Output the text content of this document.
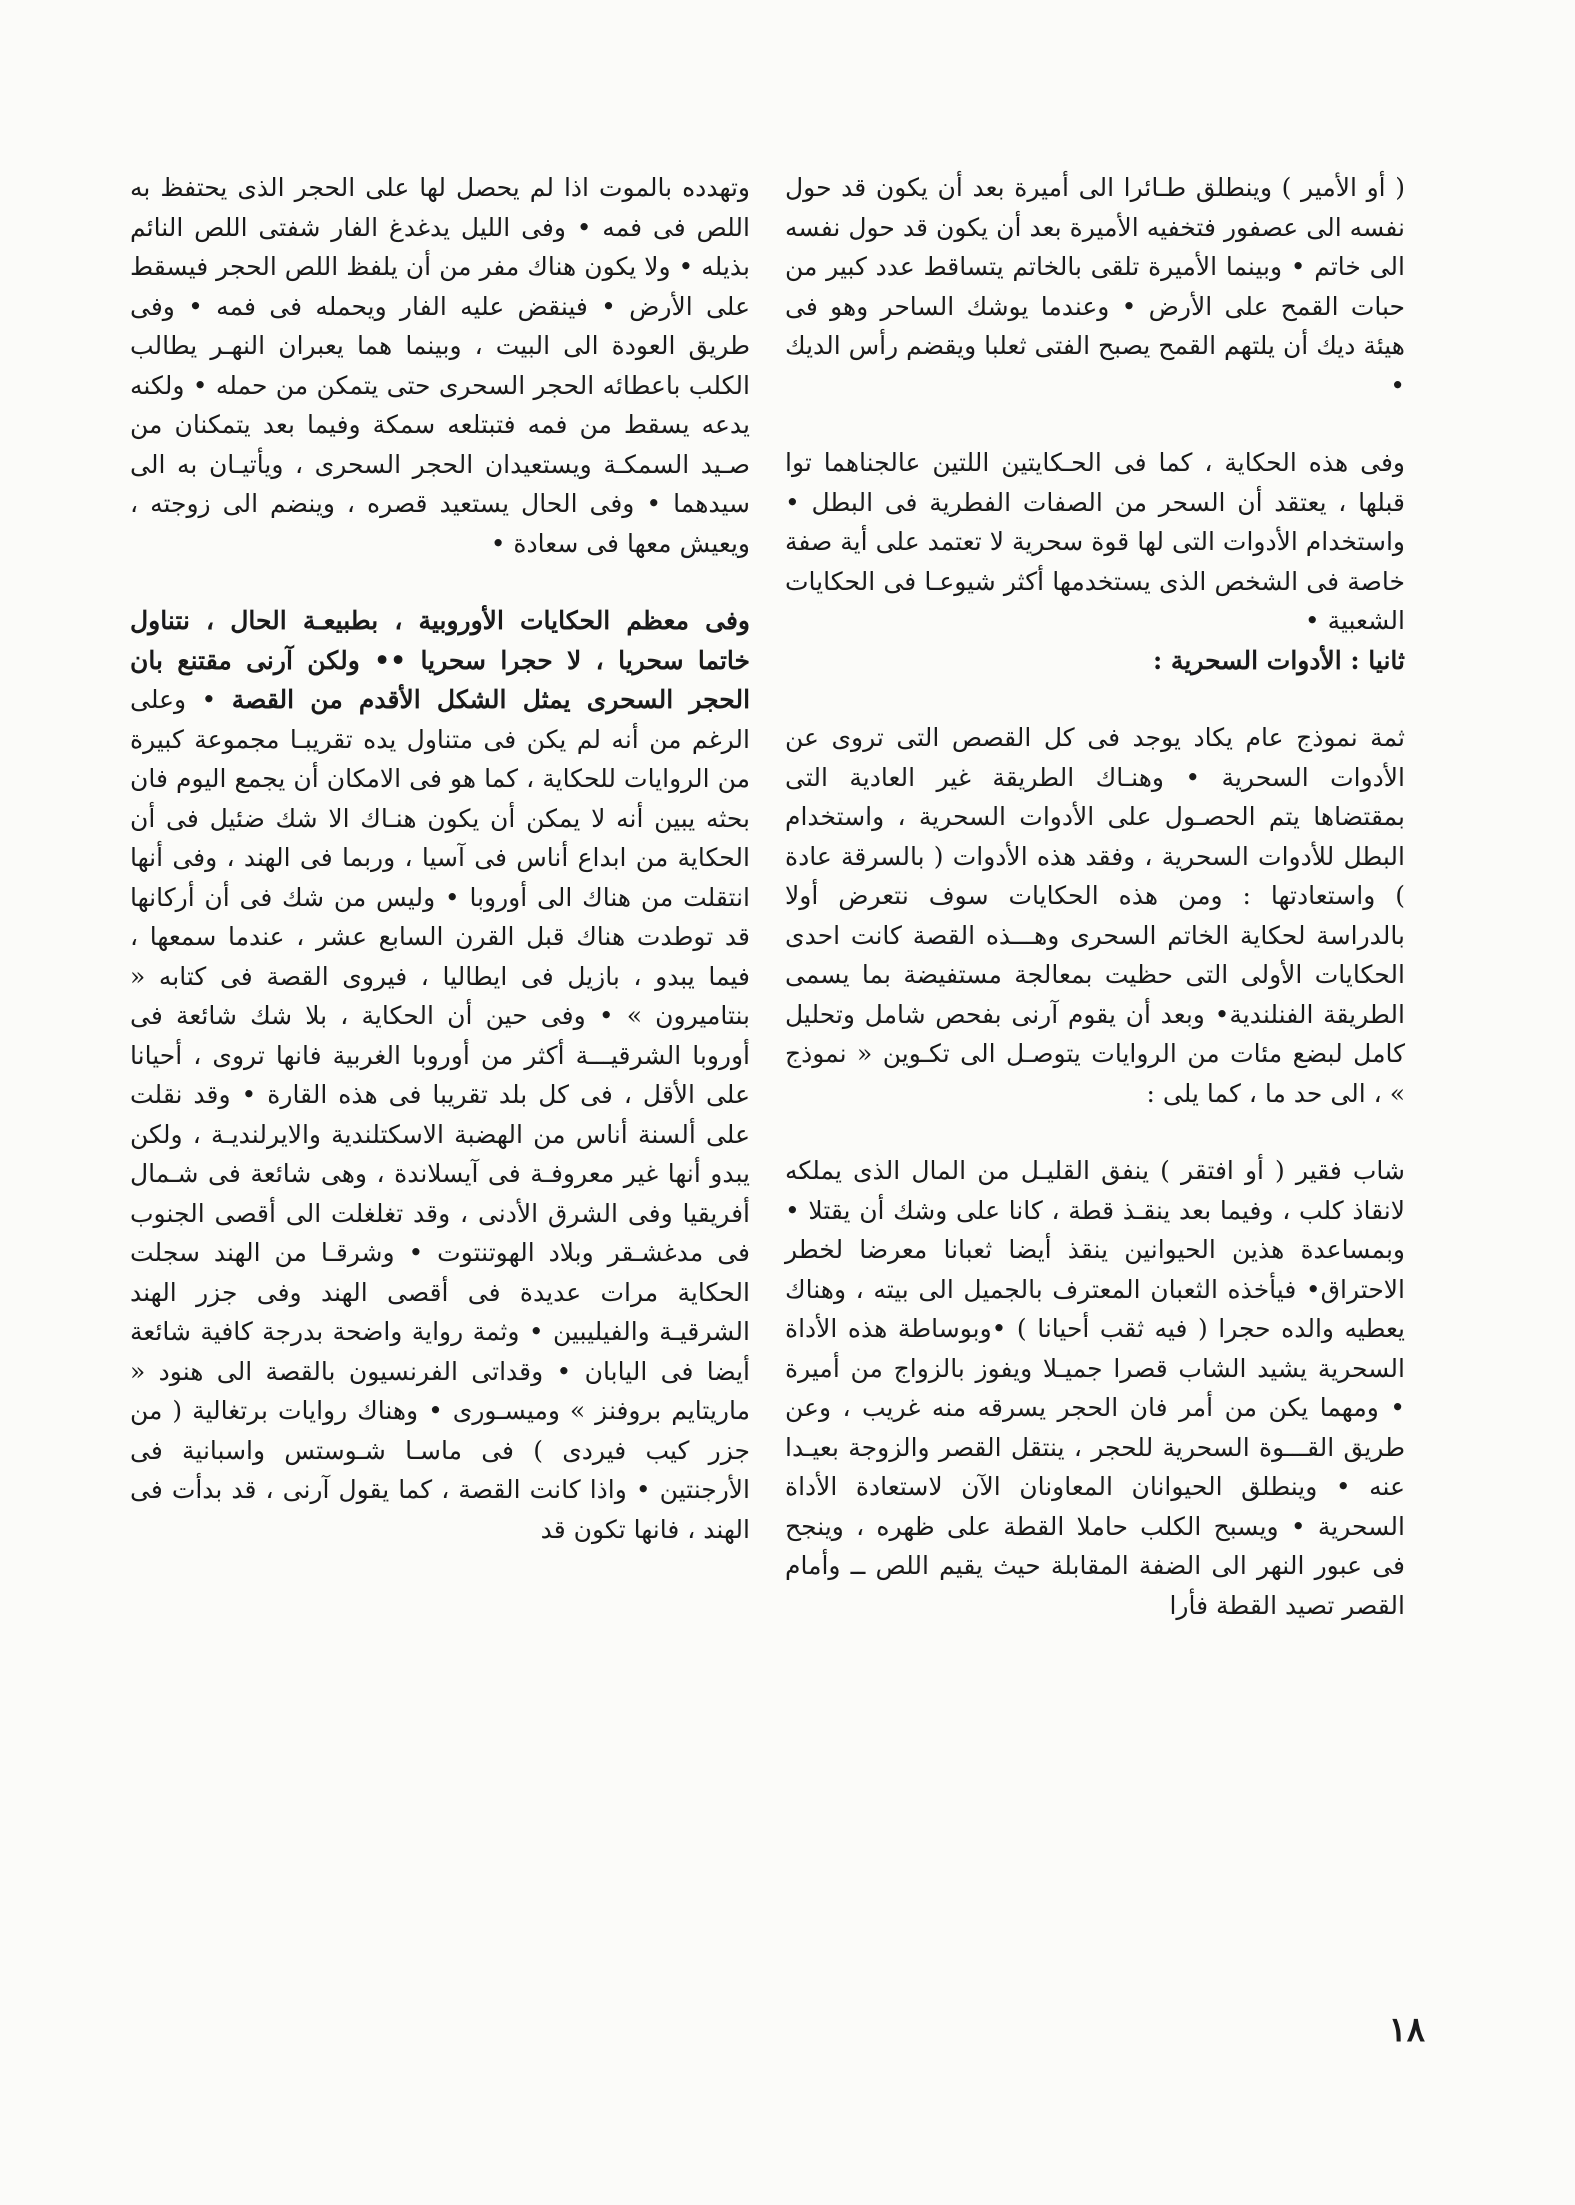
( أو الأمير ) وينطلق طـائرا الى أميرة بعد أن يكون قد حول نفسه الى عصفور فتخفيه الأميرة بعد أن يكون قد حول نفسه الى خاتم • وبينما الأميرة تلقى بالخاتم يتساقط عدد كبير من حبات القمح على الأرض • وعندما يوشك الساحر وهو فى هيئة ديك أن يلتهم القمح يصبح الفتى ثعلبا ويقضم رأس الديك •

وفى هذه الحكاية ، كما فى الحـكايتين اللتين عالجناهما توا قبلها ، يعتقد أن السحر من الصفات الفطرية فى البطل • واستخدام الأدوات التى لها قوة سحرية لا تعتمد على أية صفة خاصة فى الشخص الذى يستخدمها أكثر شيوعـا فى الحكايات الشعبية •

ثانيا : الأدوات السحرية :

ثمة نموذج عام يكاد يوجد فى كل القصص التى تروى عن الأدوات السحرية • وهنـاك الطريقة غير العادية التى بمقتضاها يتم الحصـول على الأدوات السحرية ، واستخدام البطل للأدوات السحرية ، وفقد هذه الأدوات ( بالسرقة عادة ) واستعادتها : ومن هذه الحكايات سوف نتعرض أولا بالدراسة لحكاية الخاتم السحرى وهـــذه القصة كانت احدى الحكايات الأولى التى حظيت بمعالجة مستفيضة بما يسمى الطريقة الفنلندية• وبعد أن يقوم آرنى بفحص شامل وتحليل كامل لبضع مئات من الروايات يتوصـل الى تكـوين « نموذج » ، الى حد ما ، كما يلى :

شاب فقير ( أو افتقر ) ينفق القليـل من المال الذى يملكه لانقاذ كلب ، وفيما بعد ينقـذ قطة ، كانا على وشك أن يقتلا • وبمساعدة هذين الحيوانين ينقذ أيضا ثعبانا معرضا لخطر الاحتراق• فيأخذه الثعبان المعترف بالجميل الى بيته ، وهناك يعطيه والده حجرا ( فيه ثقب أحيانا ) •وبوساطة هذه الأداة السحرية يشيد الشاب قصرا جميـلا ويفوز بالزواج من أميرة • ومهما يكن من أمر فان الحجر يسرقه منه غريب ، وعن طريق القـــوة السحرية للحجر ، ينتقل القصر والزوجة بعيـدا عنه • وينطلق الحيوانان المعاونان الآن لاستعادة الأداة السحرية • ويسبح الكلب حاملا القطة على ظهره ، وينجح فى عبور النهر الى الضفة المقابلة حيث يقيم اللص ــ وأمام القصر تصيد القطة فأرا

وتهدده بالموت اذا لم يحصل لها على الحجر الذى يحتفظ به اللص فى فمه • وفى الليل يدغدغ الفار شفتى اللص النائم بذيله • ولا يكون هناك مفر من أن يلفظ اللص الحجر فيسقط على الأرض • فينقض عليه الفار ويحمله فى فمه • وفى طريق العودة الى البيت ، وبينما هما يعبران النهـر يطالب الكلب باعطائه الحجر السحرى حتى يتمكن من حمله • ولكنه يدعه يسقط من فمه فتبتلعه سمكة وفيما بعد يتمكنان من صـيد السمكـة ويستعيدان الحجر السحرى ، ويأتيـان به الى سيدهما • وفى الحال يستعيد قصره ، وينضم الى زوجته ، ويعيش معها فى سعادة •

وفى معظم الحكايات الأوروبية ، بطبيعـة الحال ، نتناول خاتما سحريا ، لا حجرا سحريا •• ولكن آرنى مقتنع بان الحجر السحرى يمثل الشكل الأقدم من القصة • وعلى الرغم من أنه لم يكن فى متناول يده تقريبـا مجموعة كبيرة من الروايات للحكاية ، كما هو فى الامكان أن يجمع اليوم فان بحثه يبين أنه لا يمكن أن يكون هنـاك الا شك ضئيل فى أن الحكاية من ابداع أناس فى آسيا ، وربما فى الهند ، وفى أنها انتقلت من هناك الى أوروبا • وليس من شك فى أن أركانها قد توطدت هناك قبل القرن السابع عشر ، عندما سمعها ، فيما يبدو ، بازيل فى ايطاليا ، فيروى القصة فى كتابه « بنتاميرون » • وفى حين أن الحكاية ، بلا شك شائعة فى أوروبا الشرقيـــة أكثر من أوروبا الغربية فانها تروى ، أحيانا على الأقل ، فى كل بلد تقريبا فى هذه القارة • وقد نقلت على ألسنة أناس من الهضبة الاسكتلندية والايرلنديـة ، ولكن يبدو أنها غير معروفـة فى آيسلاندة ، وهى شائعة فى شـمال أفريقيا وفى الشرق الأدنى ، وقد تغلغلت الى أقصى الجنوب فى مدغشـقر وبلاد الهوتنتوت • وشرقـا من الهند سجلت الحكاية مرات عديدة فى أقصى الهند وفى جزر الهند الشرقيـة والفيليبين • وثمة رواية واضحة بدرجة كافية شائعة أيضا فى اليابان • وقداتى الفرنسيون بالقصة الى هنود « ماريتايم بروفنز » وميسـورى • وهناك روايات برتغالية ( من جزر كيب فيردى ) فى ماسـا شـوستس واسبانية فى الأرجنتين • واذا كانت القصة ، كما يقول آرنى ، قد بدأت فى الهند ، فانها تكون قد

١٨
